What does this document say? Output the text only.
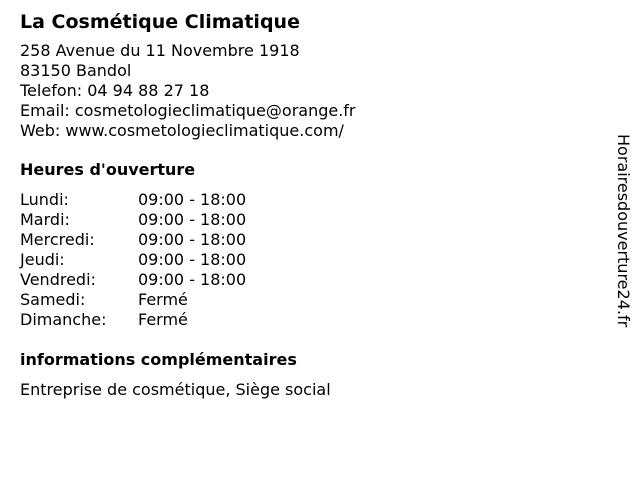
La Cosmétique Climatique
258 Avenue du 11 Novembre 1918
83150 Bandol
Telefon: 04 94 88 27 18
Email: cosmetologieclimatique@orange.fr
Web: www.cosmetologieclimatique.com/
Heures d'ouverture
Lundi:	09:00 - 18:00
Mardi:	09:00 - 18:00
Mercredi:	09:00 - 18:00
Jeudi:	09:00 - 18:00
Vendredi:	09:00 - 18:00
Samedi:	Fermé
Dimanche:	Fermé
informations complémentaires
Entreprise de cosmétique, Siège social
Horairesdouverture24.fr
